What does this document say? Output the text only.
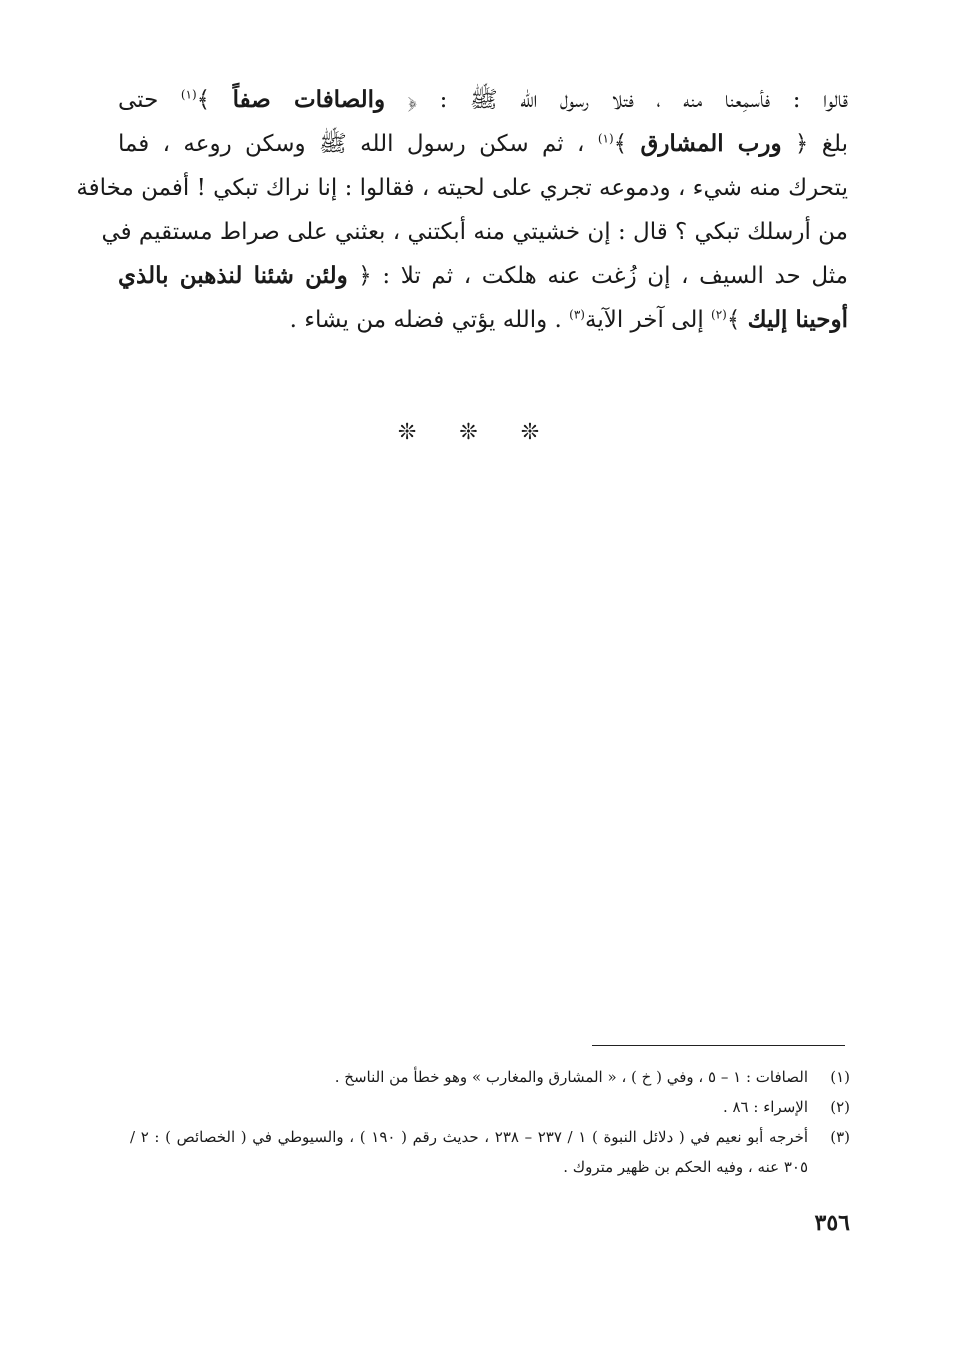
قالوا : فأسمِعنا منه ، فتلا رسول الله ﷺ : ﴿ والصافات صفاً ﴾$^{(١)}$ حتى
بلغ ﴿ ورب المشارق ﴾$^{(١)}$ ، ثم سكن رسول الله ﷺ وسكن روعه ، فما
يتحرك منه شيء ، ودموعه تجري على لحيته ، فقالوا : إنا نراك تبكي ! أفمن مخافة
من أرسلك تبكي ؟ قال : إن خشيتي منه أبكتني ، بعثني على صراط مستقيم في
مثل حد السيف ، إن زُغت عنه هلكت ، ثم تلا : ﴿ ولئن شئنا لنذهبن بالذي
أوحينا إليك ﴾$^{(٢)}$ إلى آخر الآية$^{(٣)}$ . والله يؤتي فضله من يشاء .
❊ ❊ ❊
(١)
الصافات : ١ – ٥ ، وفي ( خ ) ، « المشارق والمغارب » وهو خطأ من الناسخ .
(٢)
الإسراء : ٨٦ .
(٣)
أخرجه أبو نعيم في ( دلائل النبوة ) ١ / ٢٣٧ – ٢٣٨ ، حديث رقم ( ١٩٠ ) ، والسيوطي في ( الخصائص ) : ٢ / ٣٠٥ عنه ، وفيه الحكم بن ظهير متروك .
٣٥٦
